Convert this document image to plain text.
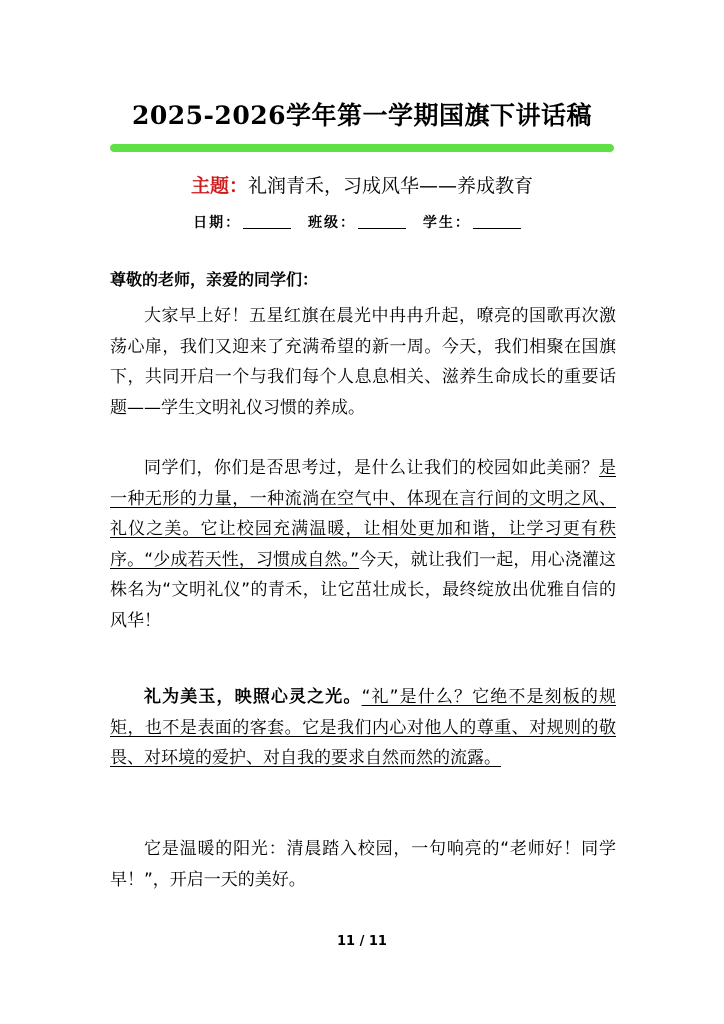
2025-2026学年第一学期国旗下讲话稿
主题：礼润青禾，习成风华——养成教育
日期：	班级：	学生：
尊敬的老师，亲爱的同学们：

大家早上好！五星红旗在晨光中冉冉升起，嘹亮的国歌再次激荡心扉，我们又迎来了充满希望的新一周。今天，我们相聚在国旗下，共同开启一个与我们每个人息息相关、滋养生命成长的重要话题——学生文明礼仪习惯的养成。

同学们，你们是否思考过，是什么让我们的校园如此美丽？是一种无形的力量，一种流淌在空气中、体现在言行间的文明之风、礼仪之美。它让校园充满温暖，让相处更加和谐，让学习更有秩序。“少成若天性，习惯成自然。”今天，就让我们一起，用心浇灌这株名为“文明礼仪”的青禾，让它茁壮成长，最终绽放出优雅自信的风华！

礼为美玉，映照心灵之光。“礼”是什么？它绝不是刻板的规矩，也不是表面的客套。它是我们内心对他人的尊重、对规则的敬畏、对环境的爱护、对自我的要求自然而然的流露。

它是温暖的阳光：清晨踏入校园，一句响亮的“老师好！同学早！”，开启一天的美好。

11 / 11
